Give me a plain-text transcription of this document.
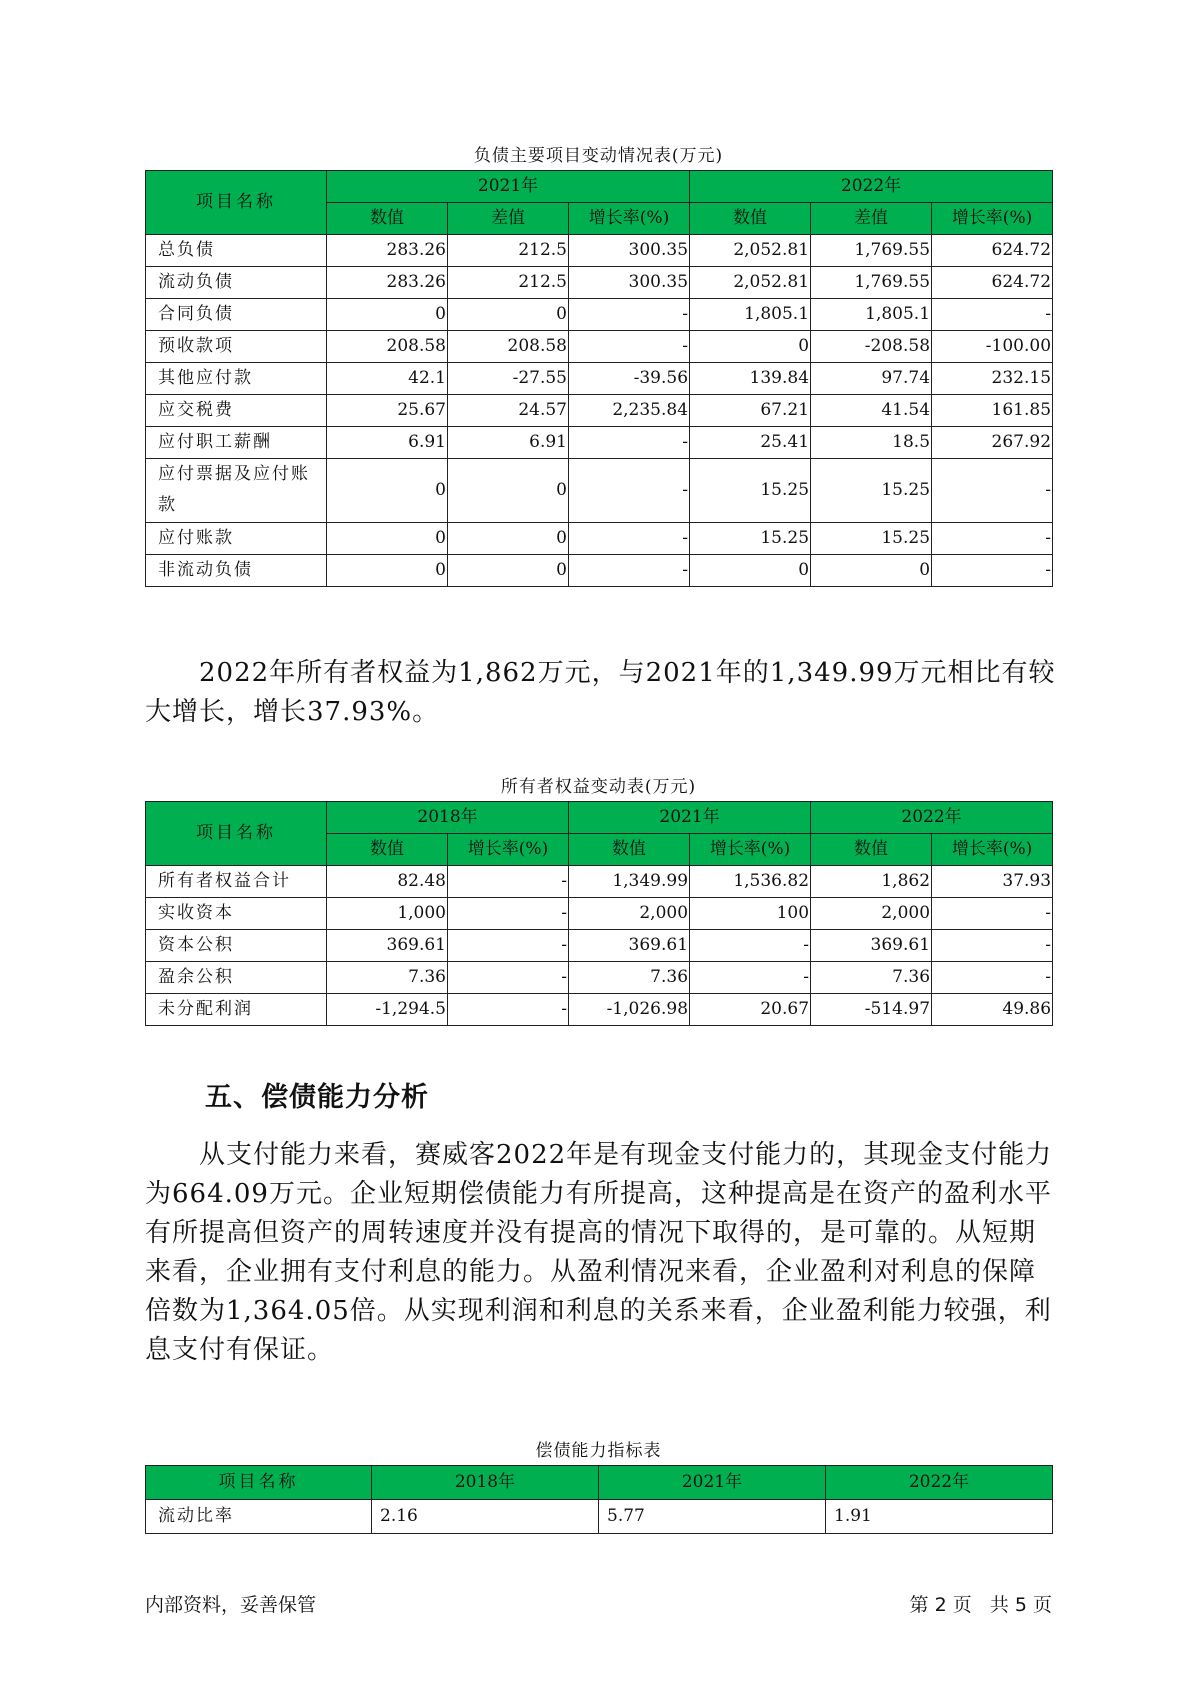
负债主要项目变动情况表(万元)
项目名称	2021年			2022年		
	数值	差值	增长率(%)	数值	差值	增长率(%)
总负债	283.26	212.5	300.35	2,052.81	1,769.55	624.72
流动负债	283.26	212.5	300.35	2,052.81	1,769.55	624.72
合同负债	0	0	-	1,805.1	1,805.1	-
预收款项	208.58	208.58	-	0	-208.58	-100.00
其他应付款	42.1	-27.55	-39.56	139.84	97.74	232.15
应交税费	25.67	24.57	2,235.84	67.21	41.54	161.85
应付职工薪酬	6.91	6.91	-	25.41	18.5	267.92
应付票据及应付账款	0	0	-	15.25	15.25	-
应付账款	0	0	-	15.25	15.25	-
非流动负债	0	0	-	0	0	-
2022年所有者权益为1,862万元，与2021年的1,349.99万元相比有较大增长，增长37.93%。
所有者权益变动表(万元)
项目名称	2018年		2021年		2022年	
	数值	增长率(%)	数值	增长率(%)	数值	增长率(%)
所有者权益合计	82.48	-	1,349.99	1,536.82	1,862	37.93
实收资本	1,000	-	2,000	100	2,000	-
资本公积	369.61	-	369.61	-	369.61	-
盈余公积	7.36	-	7.36	-	7.36	-
未分配利润	-1,294.5	-	-1,026.98	20.67	-514.97	49.86
五、偿债能力分析
从支付能力来看，赛威客2022年是有现金支付能力的，其现金支付能力为664.09万元。企业短期偿债能力有所提高，这种提高是在资产的盈利水平有所提高但资产的周转速度并没有提高的情况下取得的，是可靠的。从短期来看，企业拥有支付利息的能力。从盈利情况来看，企业盈利对利息的保障倍数为1,364.05倍。从实现利润和利息的关系来看，企业盈利能力较强，利息支付有保证。
偿债能力指标表
项目名称	2018年	2021年	2022年
流动比率	2.16	5.77	1.91
内部资料，妥善保管	第 2 页   共 5 页
